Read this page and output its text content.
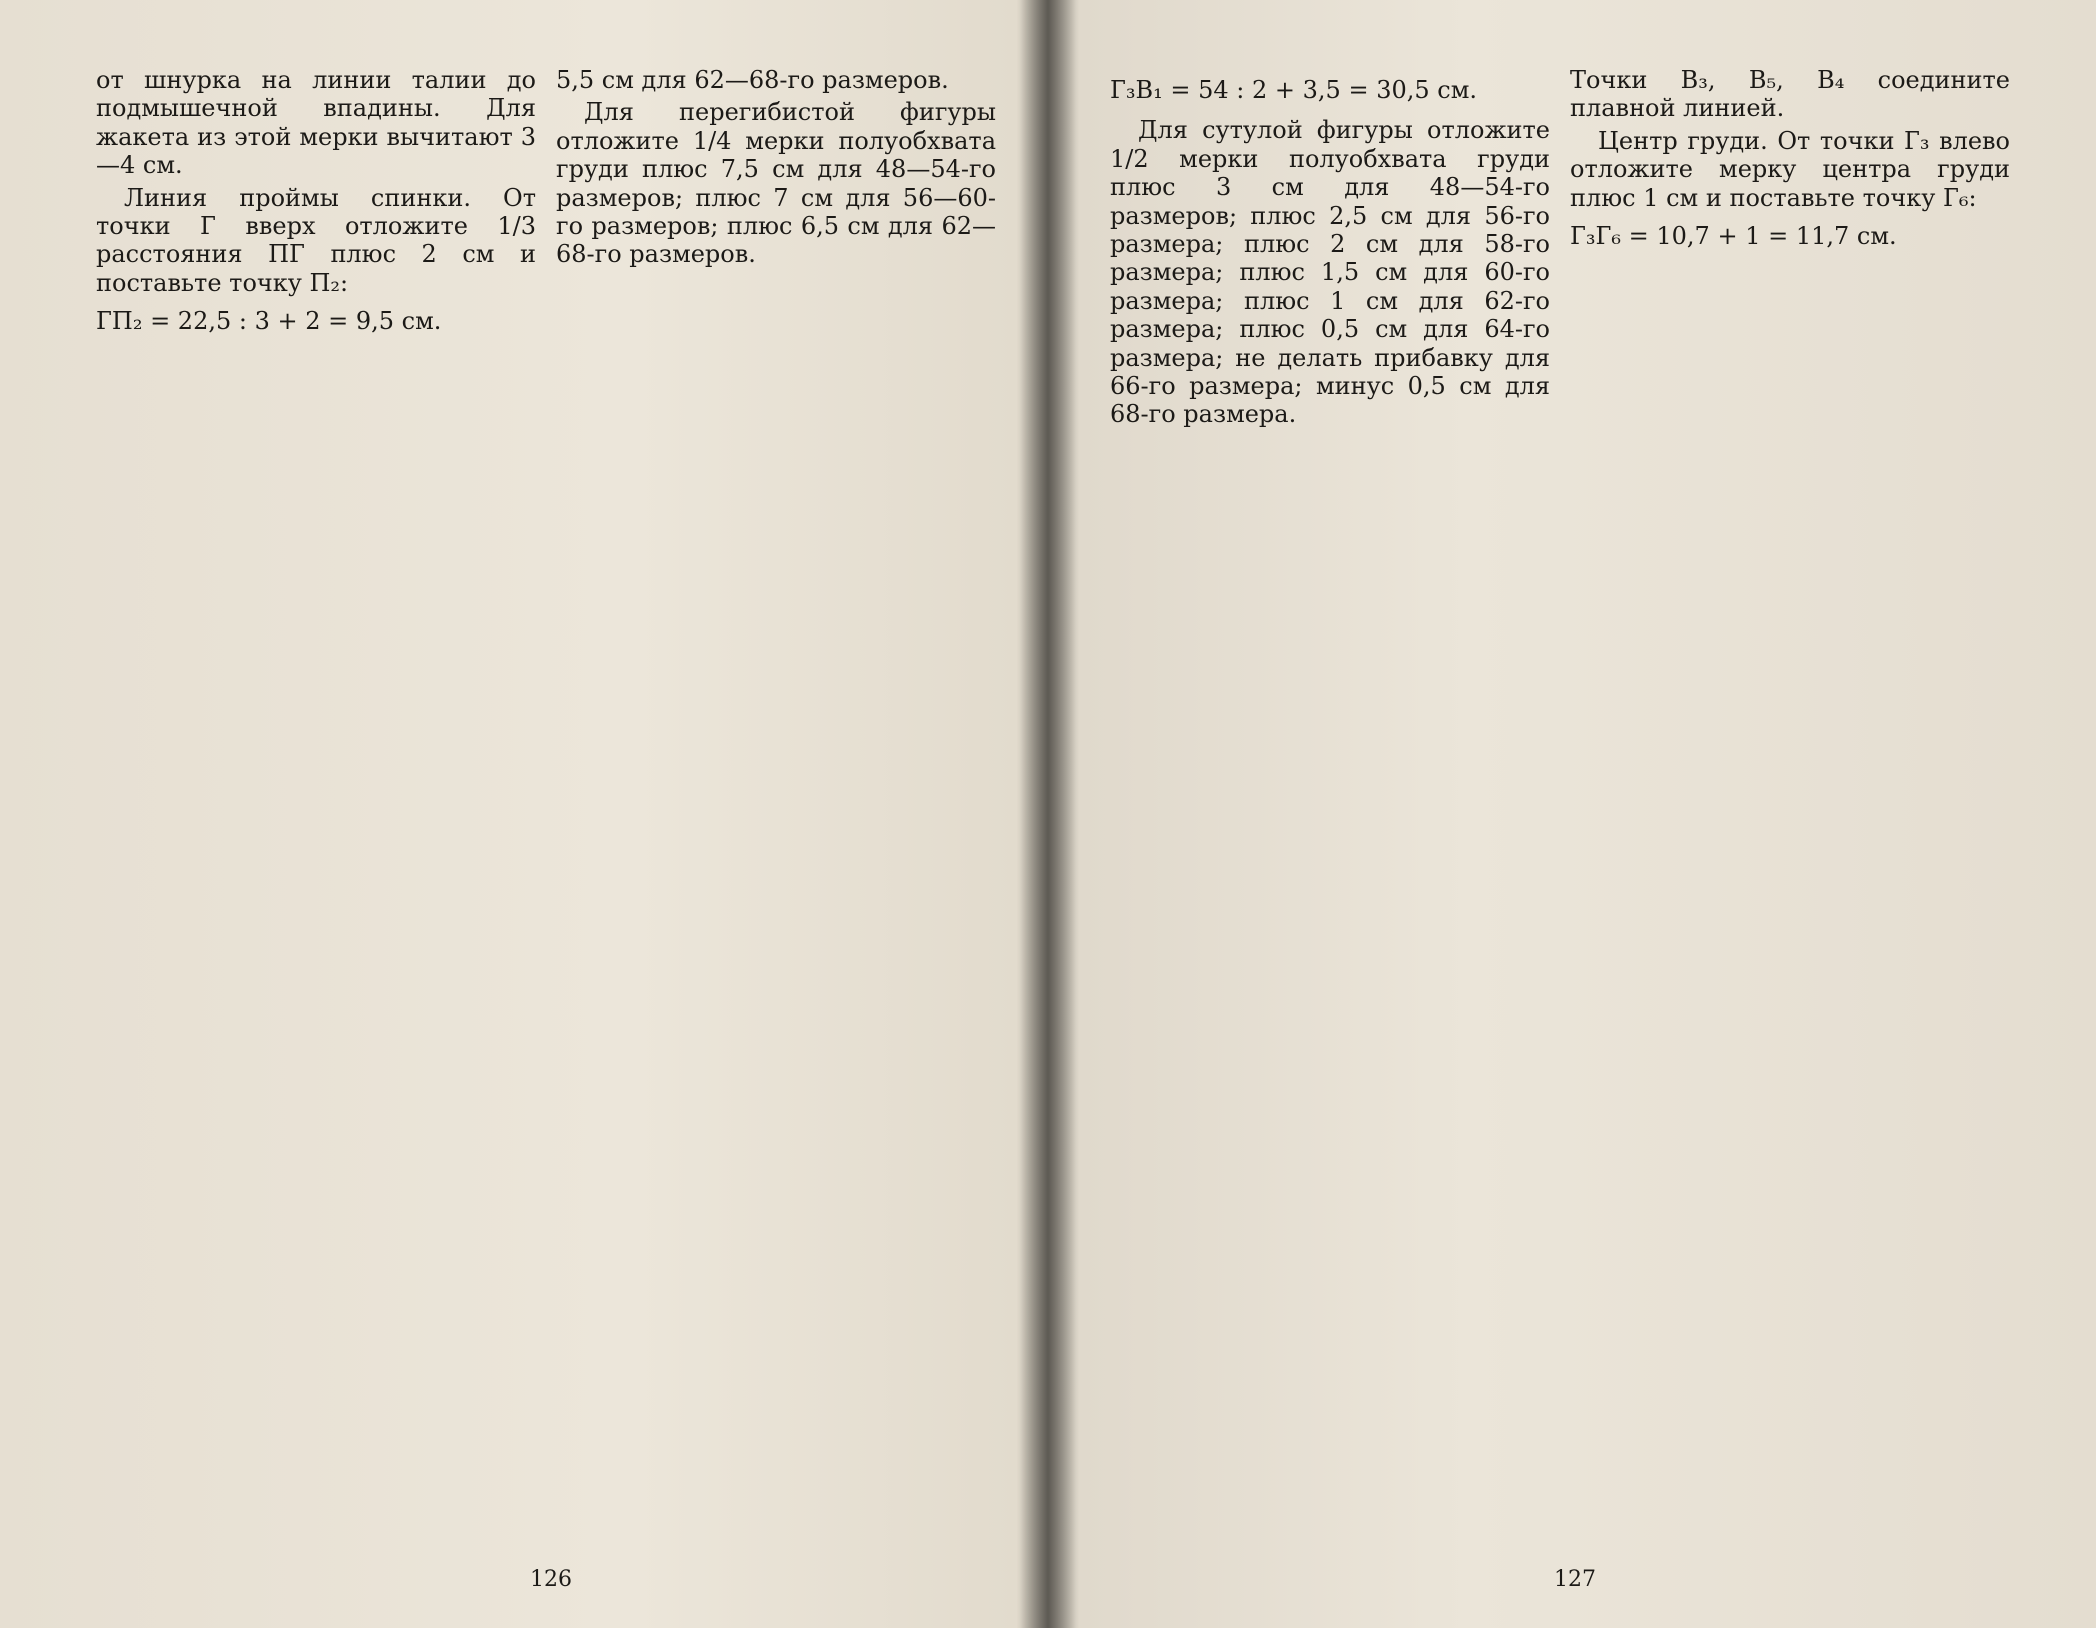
от шнурка на линии талии до подмышечной впадины. Для жакета из этой мерки вычитают 3—4 см.

Линия проймы спинки. От точки Г вверх отложите 1/3 расстояния ПГ плюс 2 см и поставьте точку П₂:

ГП₂ = 22,5 : 3 + 2 = 9,5 см.

5,5 см для 62—68-го размеров.

Для перегибистой фигуры отложите 1/4 мерки полуобхвата груди плюс 7,5 см для 48—54-го размеров; плюс 7 см для 56—60-го размеров; плюс 6,5 см для 62—68-го размеров.

126

Г₃В₁ = 54 : 2 + 3,5 = 30,5 см.

Для сутулой фигуры отложите 1/2 мерки полуобхвата груди плюс 3 см для 48—54-го размеров; плюс 2,5 см для 56-го размера; плюс 2 см для 58-го размера; плюс 1,5 см для 60-го размера; плюс 1 см для 62-го размера; плюс 0,5 см для 64-го размера; не делать прибавку для 66-го размера; минус 0,5 см для 68-го размера.

Точки В₃, В₅, В₄ соедините плавной линией.

Центр груди. От точки Г₃ влево отложите мерку центра груди плюс 1 см и поставьте точку Г₆:

Г₃Г₆ = 10,7 + 1 = 11,7 см.

127
